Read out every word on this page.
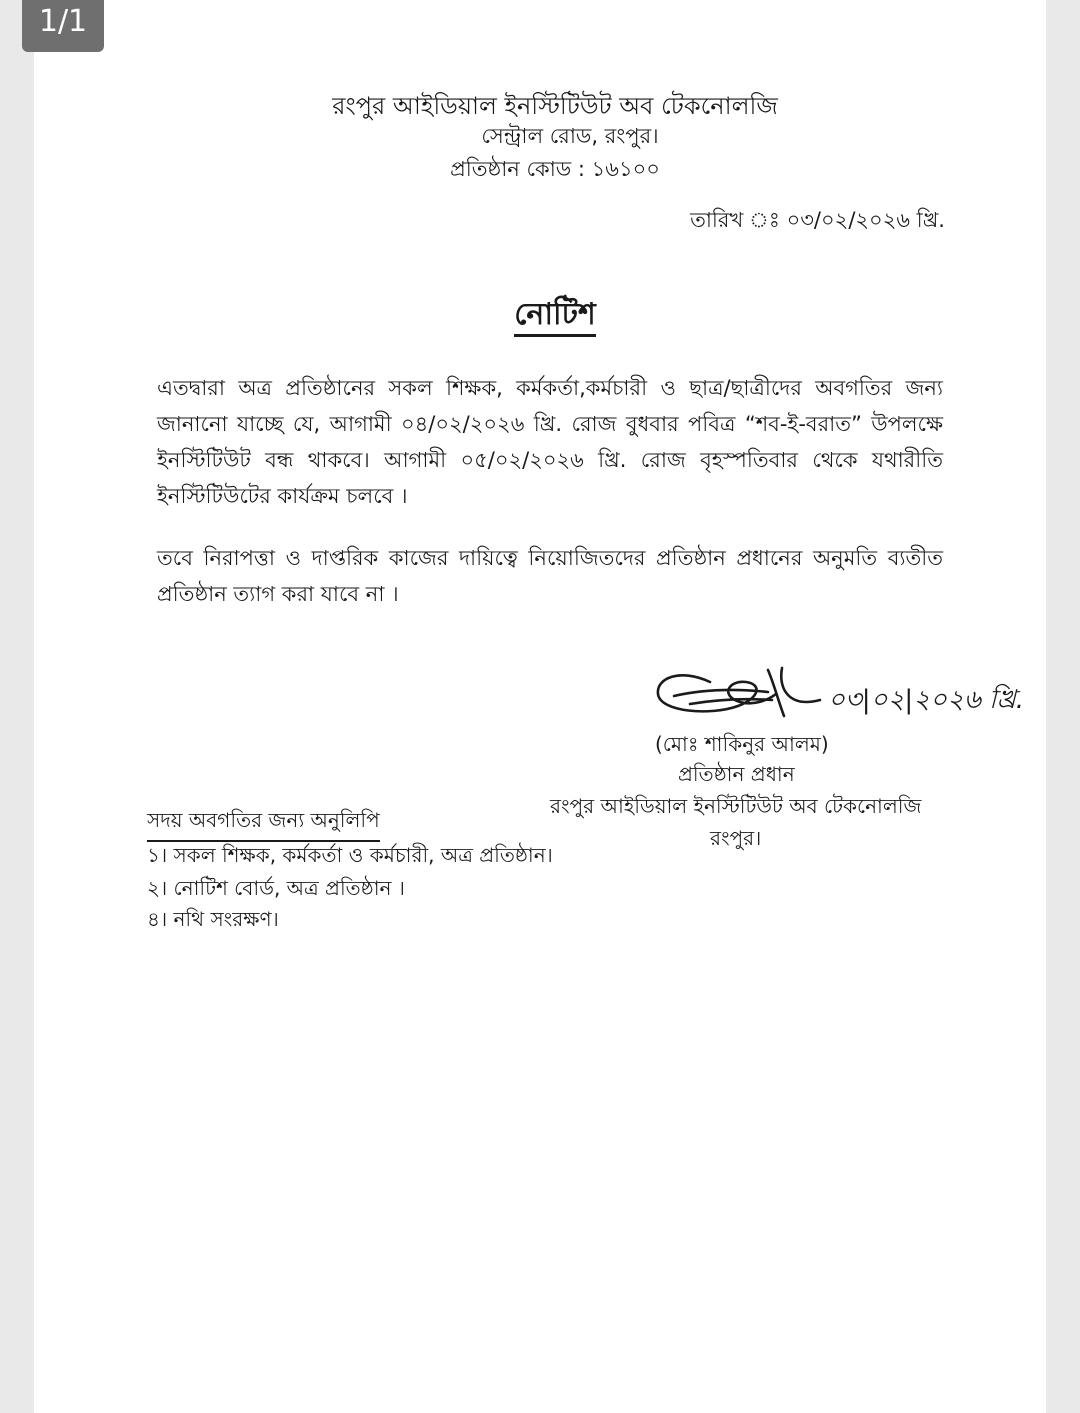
1/1
রংপুর আইডিয়াল ইনস্টিটিউট অব টেকনোলজি
সেন্ট্রাল রোড, রংপুর।
প্রতিষ্ঠান কোড : ১৬১০০
তারিখ ঃ ০৩/০২/২০২৬ খ্রি.
নোটিশ
এতদ্বারা অত্র প্রতিষ্ঠানের সকল শিক্ষক, কর্মকর্তা,কর্মচারী ও ছাত্র/ছাত্রীদের অবগতির জন্য জানানো যাচ্ছে যে, আগামী ০৪/০২/২০২৬ খ্রি. রোজ বুধবার পবিত্র “শব-ই-বরাত” উপলক্ষে ইনস্টিটিউট বন্ধ থাকবে। আগামী ০৫/০২/২০২৬ খ্রি. রোজ বৃহস্পতিবার থেকে যথারীতি ইনস্টিটিউটের কার্যক্রম চলবে ।
তবে নিরাপত্তা ও দাপ্তরিক কাজের দায়িত্বে নিয়োজিতদের প্রতিষ্ঠান প্রধানের অনুমতি ব্যতীত প্রতিষ্ঠান ত্যাগ করা যাবে না ।
০৩|০২|২০২৬ খ্রি.
(মোঃ শাকিনুর আলম)
প্রতিষ্ঠান প্রধান
রংপুর আইডিয়াল ইনস্টিটিউট অব টেকনোলজি
রংপুর।
সদয় অবগতির জন্য অনুলিপি
১। সকল শিক্ষক, কর্মকর্তা ও কর্মচারী, অত্র প্রতিষ্ঠান।
২। নোটিশ বোর্ড, অত্র প্রতিষ্ঠান ।
৪। নথি সংরক্ষণ।
